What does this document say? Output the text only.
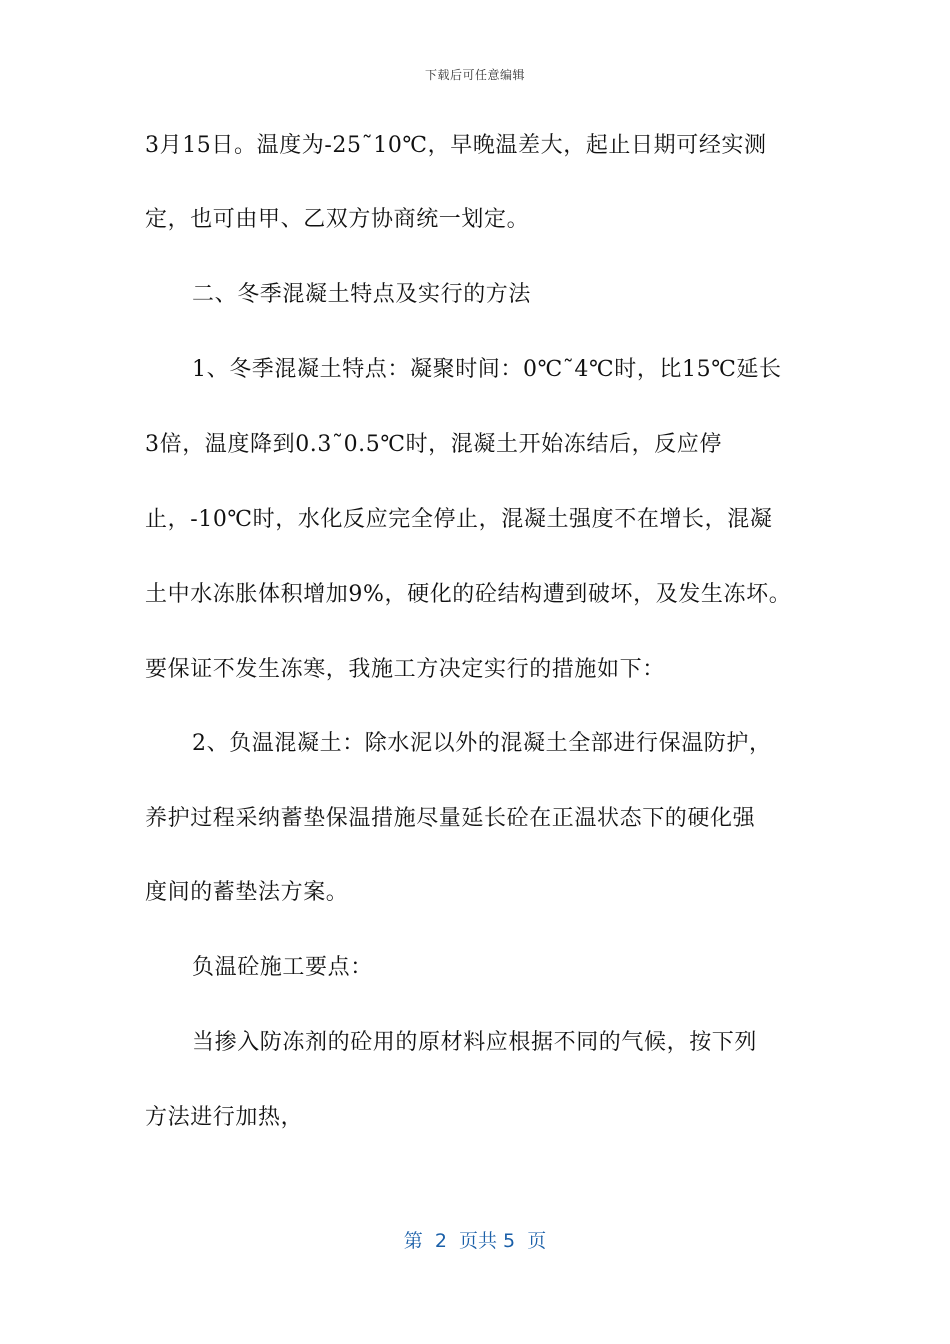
下载后可任意编辑
3月15日。温度为-25˜10℃，早晚温差大，起止日期可经实测
定，也可由甲、乙双方协商统一划定。
二、冬季混凝土特点及实行的方法
1、冬季混凝土特点：凝聚时间：0℃˜4℃时，比15℃延长
3倍，温度降到0.3˜0.5℃时，混凝土开始冻结后，反应停
止，-10℃时，水化反应完全停止，混凝土强度不在增长，混凝
土中水冻胀体积增加9%，硬化的砼结构遭到破坏，及发生冻坏。
要保证不发生冻寒，我施工方决定实行的措施如下：
2、负温混凝土：除水泥以外的混凝土全部进行保温防护，
养护过程采纳蓄垫保温措施尽量延长砼在正温状态下的硬化强
度间的蓄垫法方案。
负温砼施工要点：
当掺入防冻剂的砼用的原材料应根据不同的气候，按下列
方法进行加热，
第  2  页共 5  页
